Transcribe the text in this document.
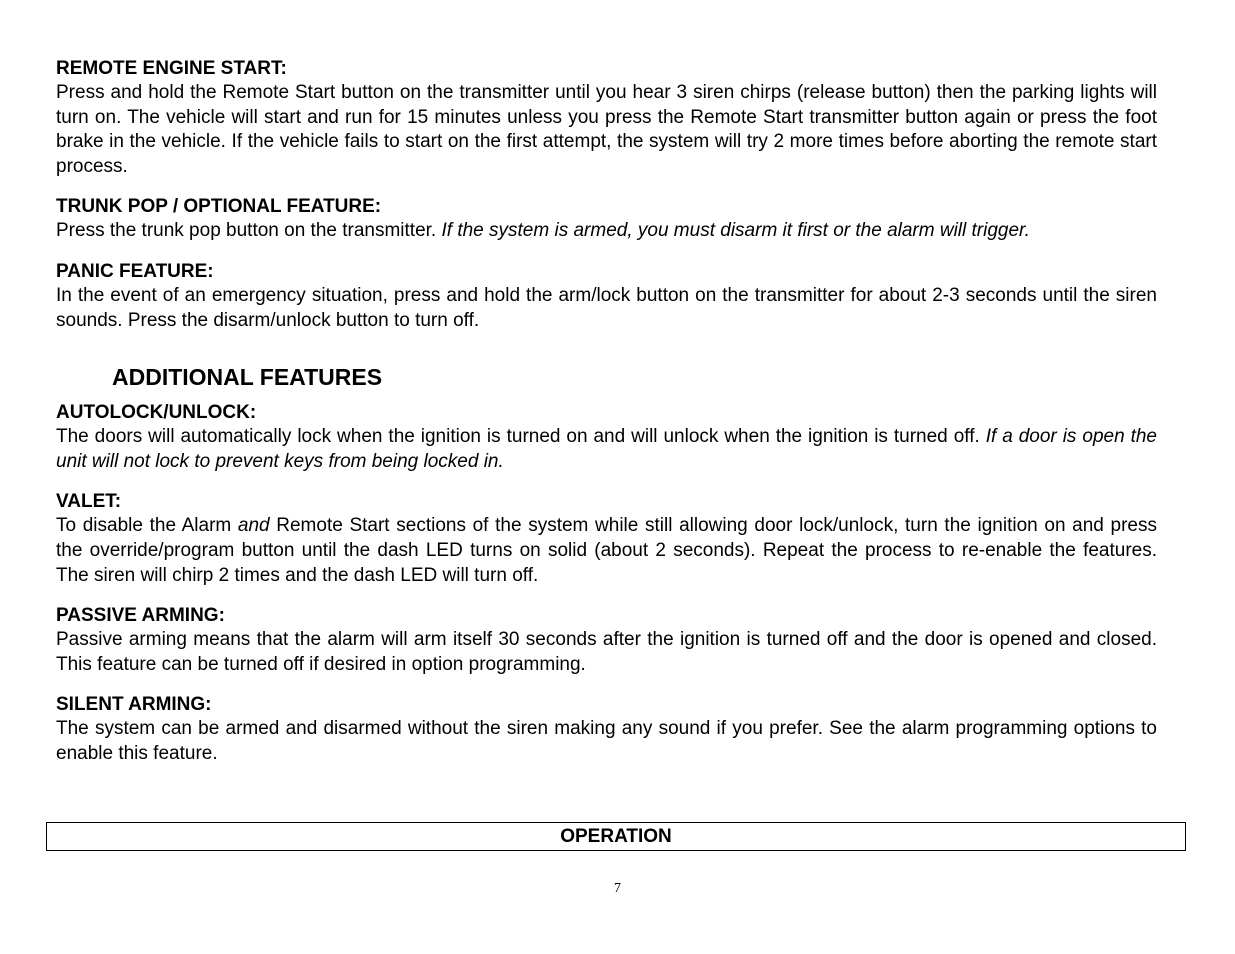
REMOTE ENGINE START:

Press and hold the Remote Start button on the transmitter until you hear 3 siren chirps (release button) then the parking lights will turn on. The vehicle will start and run for 15 minutes unless you press the Remote Start transmitter button again or press the foot brake in the vehicle. If the vehicle fails to start on the first attempt, the system will try 2 more times before aborting the remote start process.

TRUNK POP / OPTIONAL FEATURE:

Press the trunk pop button on the transmitter. If the system is armed, you must disarm it first or the alarm will trigger.

PANIC FEATURE:

In the event of an emergency situation, press and hold the arm/lock button on the transmitter for about 2-3 seconds until the siren sounds. Press the disarm/unlock button to turn off.

ADDITIONAL FEATURES

AUTOLOCK/UNLOCK:

The doors will automatically lock when the ignition is turned on and will unlock when the ignition is turned off. If a door is open the unit will not lock to prevent keys from being locked in.

VALET:

To disable the Alarm and Remote Start sections of the system while still allowing door lock/unlock, turn the ignition on and press the override/program button until the dash LED turns on solid (about 2 seconds). Repeat the process to re-enable the features. The siren will chirp 2 times and the dash LED will turn off.

PASSIVE ARMING:

Passive arming means that the alarm will arm itself 30 seconds after the ignition is turned off and the door is opened and closed. This feature can be turned off if desired in option programming.

SILENT ARMING:

The system can be armed and disarmed without the siren making any sound if you prefer. See the alarm programming options to enable this feature.

OPERATION
7
